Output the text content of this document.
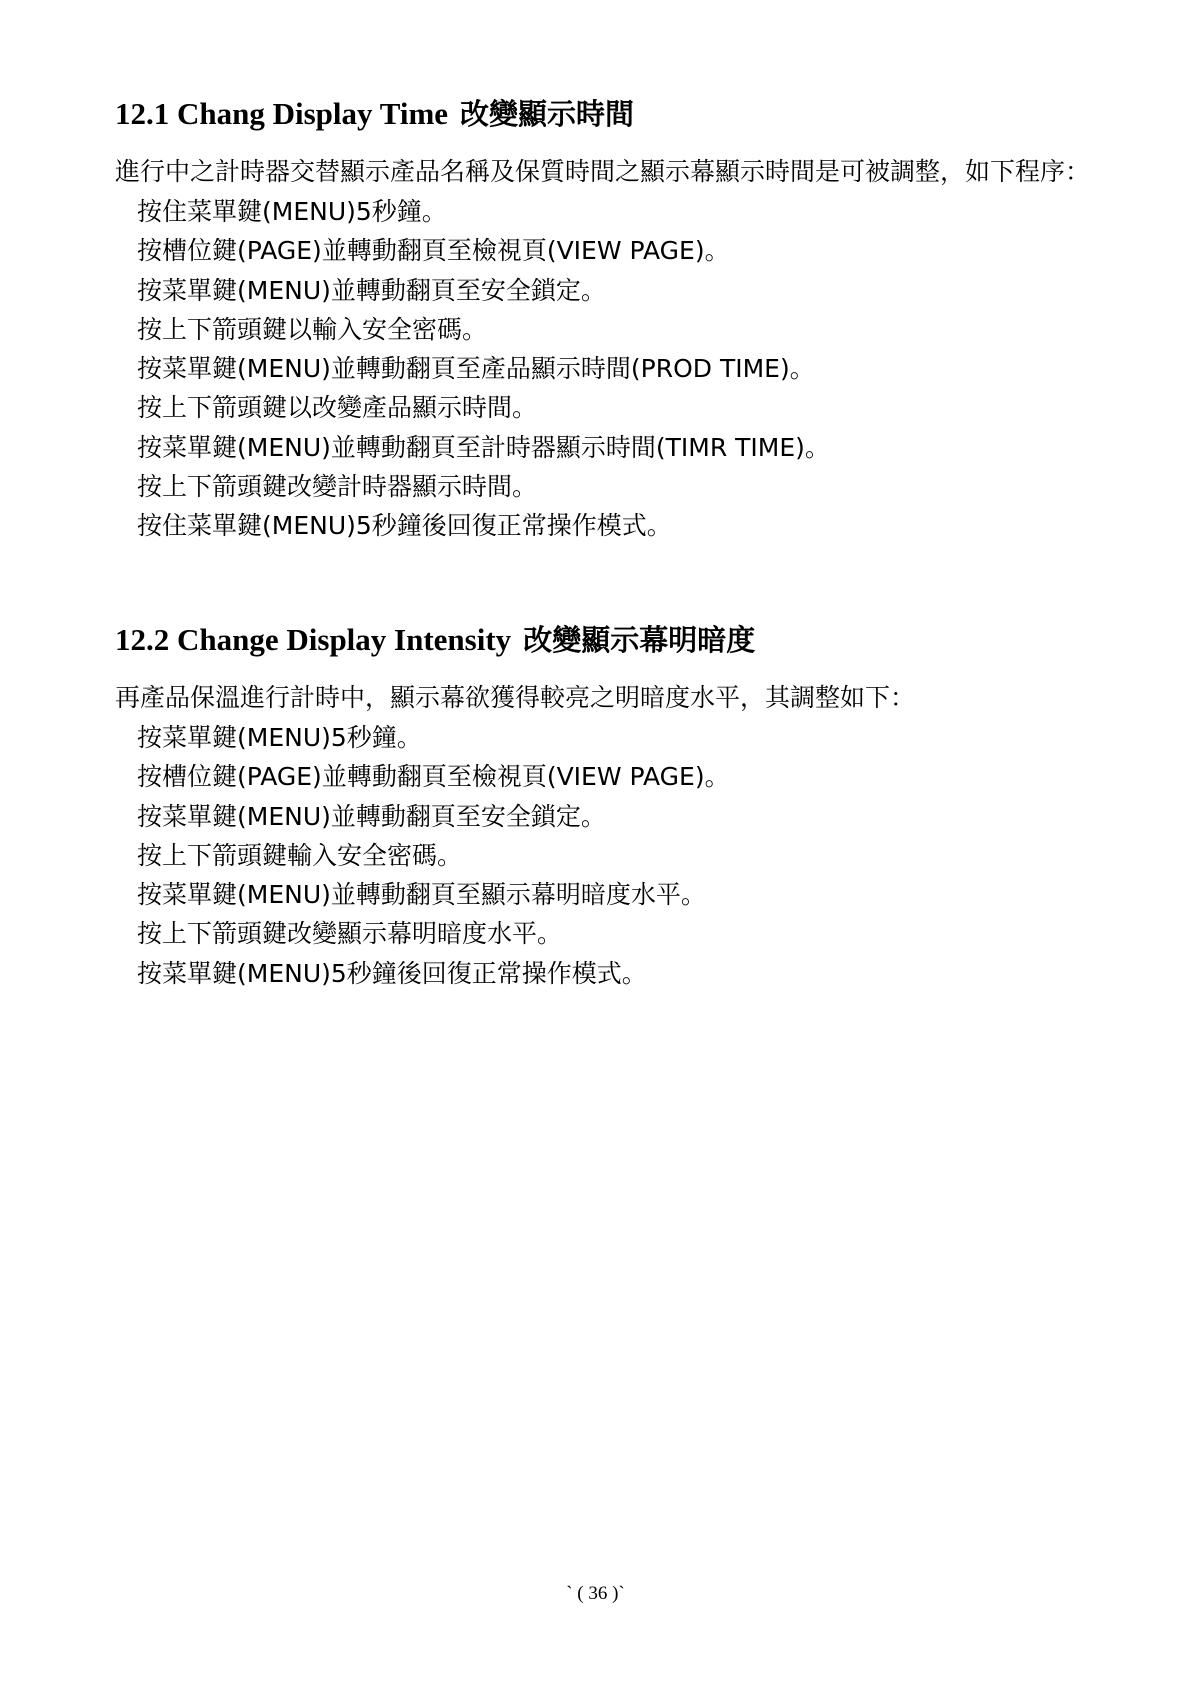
12.1 Chang Display Time 改變顯示時間

進行中之計時器交替顯示產品名稱及保質時間之顯示幕顯示時間是可被調整，如下程序：

按住菜單鍵(MENU)5秒鐘。
按槽位鍵(PAGE)並轉動翻頁至檢視頁(VIEW PAGE)。
按菜單鍵(MENU)並轉動翻頁至安全鎖定。
按上下箭頭鍵以輸入安全密碼。
按菜單鍵(MENU)並轉動翻頁至產品顯示時間(PROD TIME)。
按上下箭頭鍵以改變產品顯示時間。
按菜單鍵(MENU)並轉動翻頁至計時器顯示時間(TIMR TIME)。
按上下箭頭鍵改變計時器顯示時間。
按住菜單鍵(MENU)5秒鐘後回復正常操作模式。
12.2 Change Display Intensity 改變顯示幕明暗度

再產品保溫進行計時中，顯示幕欲獲得較亮之明暗度水平，其調整如下：

按菜單鍵(MENU)5秒鐘。
按槽位鍵(PAGE)並轉動翻頁至檢視頁(VIEW PAGE)。
按菜單鍵(MENU)並轉動翻頁至安全鎖定。
按上下箭頭鍵輸入安全密碼。
按菜單鍵(MENU)並轉動翻頁至顯示幕明暗度水平。
按上下箭頭鍵改變顯示幕明暗度水平。
按菜單鍵(MENU)5秒鐘後回復正常操作模式。
` ( 36 )`
